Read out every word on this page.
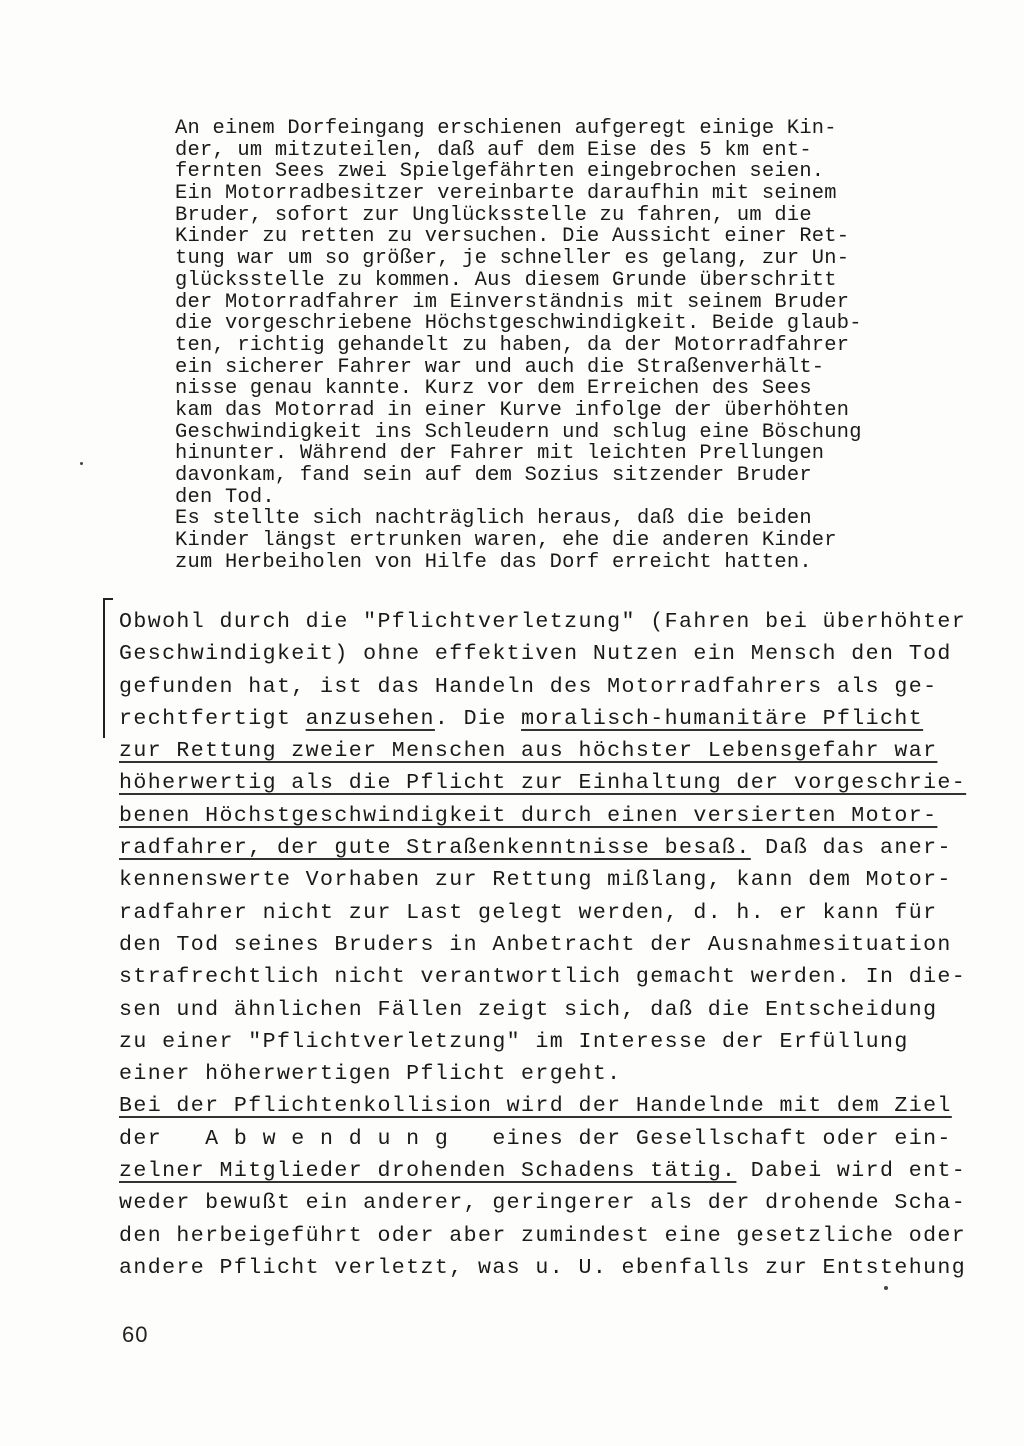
An einem Dorfeingang erschienen aufgeregt einige Kin-
der, um mitzuteilen, daß auf dem Eise des 5 km ent-
fernten Sees zwei Spielgefährten eingebrochen seien.
Ein Motorradbesitzer vereinbarte daraufhin mit seinem
Bruder, sofort zur Unglücksstelle zu fahren, um die
Kinder zu retten zu versuchen. Die Aussicht einer Ret-
tung war um so größer, je schneller es gelang, zur Un-
glücksstelle zu kommen. Aus diesem Grunde überschritt
der Motorradfahrer im Einverständnis mit seinem Bruder
die vorgeschriebene Höchstgeschwindigkeit. Beide glaub-
ten, richtig gehandelt zu haben, da der Motorradfahrer
ein sicherer Fahrer war und auch die Straßenverhält-
nisse genau kannte. Kurz vor dem Erreichen des Sees
kam das Motorrad in einer Kurve infolge der überhöhten
Geschwindigkeit ins Schleudern und schlug eine Böschung
hinunter. Während der Fahrer mit leichten Prellungen
davonkam, fand sein auf dem Sozius sitzender Bruder
den Tod.
Es stellte sich nachträglich heraus, daß die beiden
Kinder längst ertrunken waren, ehe die anderen Kinder
zum Herbeiholen von Hilfe das Dorf erreicht hatten.
Obwohl durch die "Pflichtverletzung" (Fahren bei überhöhter
Geschwindigkeit) ohne effektiven Nutzen ein Mensch den Tod
gefunden hat, ist das Handeln des Motorradfahrers als ge-
rechtfertigt anzusehen. Die moralisch-humanitäre Pflicht
zur Rettung zweier Menschen aus höchster Lebensgefahr war
höherwertig als die Pflicht zur Einhaltung der vorgeschrie-
benen Höchstgeschwindigkeit durch einen versierten Motor-
radfahrer, der gute Straßenkenntnisse besaß. Daß das aner-
kennenswerte Vorhaben zur Rettung mißlang, kann dem Motor-
radfahrer nicht zur Last gelegt werden, d. h. er kann für
den Tod seines Bruders in Anbetracht der Ausnahmesituation
strafrechtlich nicht verantwortlich gemacht werden. In die-
sen und ähnlichen Fällen zeigt sich, daß die Entscheidung
zu einer "Pflichtverletzung" im Interesse der Erfüllung
einer höherwertigen Pflicht ergeht.
Bei der Pflichtenkollision wird der Handelnde mit dem Ziel
der   A b w e n d u n g   eines der Gesellschaft oder ein-
zelner Mitglieder drohenden Schadens tätig. Dabei wird ent-
weder bewußt ein anderer, geringerer als der drohende Scha-
den herbeigeführt oder aber zumindest eine gesetzliche oder
andere Pflicht verletzt, was u. U. ebenfalls zur Entstehung
60
